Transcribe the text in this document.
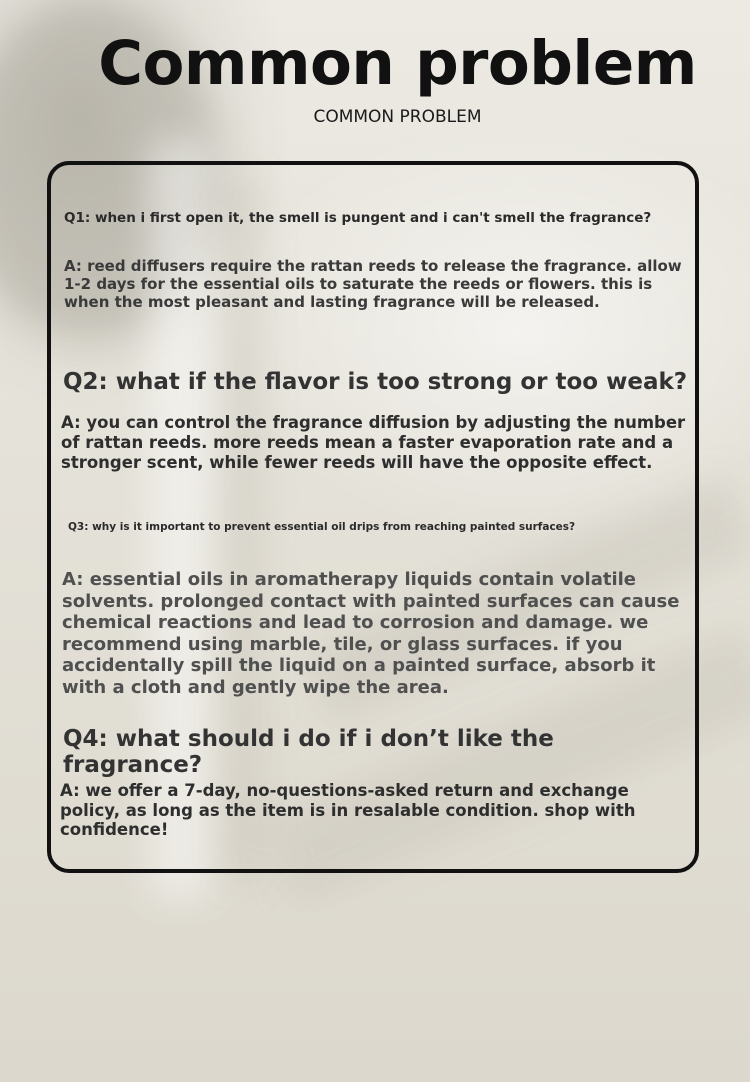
Common problem

COMMON PROBLEM

Q1: when i first open it, the smell is pungent and i can't smell the fragrance?

A: reed diffusers require the rattan reeds to release the fragrance. allow 1-2 days for the essential oils to saturate the reeds or flowers. this is when the most pleasant and lasting fragrance will be released.

Q2: what if the flavor is too strong or too weak?

A: you can control the fragrance diffusion by adjusting the number of rattan reeds. more reeds mean a faster evaporation rate and a stronger scent, while fewer reeds will have the opposite effect.

Q3: why is it important to prevent essential oil drips from reaching painted surfaces?

A: essential oils in aromatherapy liquids contain volatile solvents. prolonged contact with painted surfaces can cause chemical reactions and lead to corrosion and damage. we recommend using marble, tile, or glass surfaces. if you accidentally spill the liquid on a painted surface, absorb it with a cloth and gently wipe the area.

Q4: what should i do if i don’t like the fragrance?

A: we offer a 7-day, no-questions-asked return and exchange policy, as long as the item is in resalable condition. shop with confidence!
